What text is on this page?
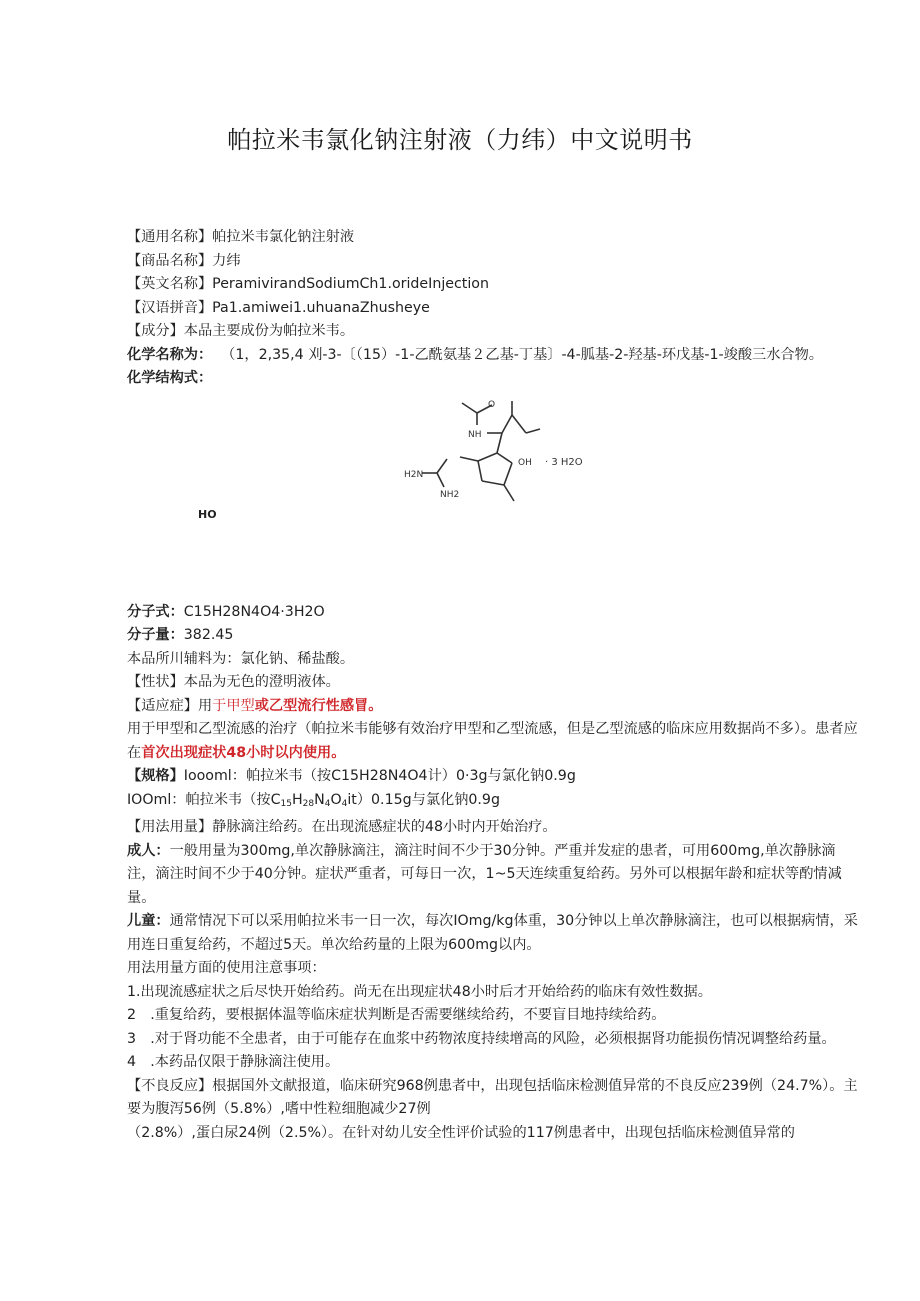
帕拉米韦氯化钠注射液（力纬）中文说明书

【通用名称】帕拉米韦氯化钠注射液

【商品名称】力纬

【英文名称】PeramivirandSodiumCh1.orideInjection

【汉语拼音】Pa1.amiwei1.uhuanaZhusheye

【成分】本品主要成份为帕拉米韦。

化学名称为： （1，2,35,4 刈-3-〔（15）-1-乙酰氨基２乙基-丁基〕-4-胍基-2-羟基-环戊基-1-竣酸三水合物。

化学结构式：

O
NH
OH
H2N
NH2
· 3 H2O
HO

分子式：C15H28N4O4·3H2O

分子量：382.45

本品所川辅料为：氯化钠、稀盐酸。

【性状】本品为无色的澄明液体。

【适应症】用于甲型或乙型流行性感冒。

用于甲型和乙型流感的治疗（帕拉米韦能够有效治疗甲型和乙型流感，但是乙型流感的临床应用数据尚不多）。患者应在首次出现症状48小时以内使用。

【规格】Ioooml：帕拉米韦（按C15H28N4O4计）0·3g与氯化钠0.9g

IOOml：帕拉米韦（按$C_{15}H_{28}N_4O_4it)0.15g$与氯化钠0.9g

【用法用量】静脉滴注给药。在出现流感症状的48小时内开始治疗。

成人：一般用量为300mg,单次静脉滴注，滴注时间不少于30分钟。严重并发症的患者，可用600mg,单次静脉滴注，滴注时间不少于40分钟。症状严重者，可每日一次，1~5天连续重复给药。另外可以根据年龄和症状等酌情减量。

儿童：通常情况下可以采用帕拉米韦一日一次，每次IOmg∕kg体重，30分钟以上单次静脉滴注，也可以根据病情，采用连日重复给药，不超过5天。单次给药量的上限为600mg以内。

用法用量方面的使用注意事项：

1.出现流感症状之后尽快开始给药。尚无在出现症状48小时后才开始给药的临床有效性数据。

2　.重复给药，要根据体温等临床症状判断是否需要继续给药，不要盲目地持续给药。

3　.对于肾功能不全患者，由于可能存在血浆中药物浓度持续增高的风险，必须根据肾功能损伤情况调整给药量。

4　.本药品仅限于静脉滴注使用。

【不良反应】根据国外文献报道，临床研究968例患者中，出现包括临床检测值异常的不良反应239例（24.7%）。主要为腹泻56例（5.8%）,嗜中性粒细胞减少27例

（2.8%）,蛋白尿24例（2.5%）。在针对幼儿安全性评价试验的117例患者中，出现包括临床检测值异常的
